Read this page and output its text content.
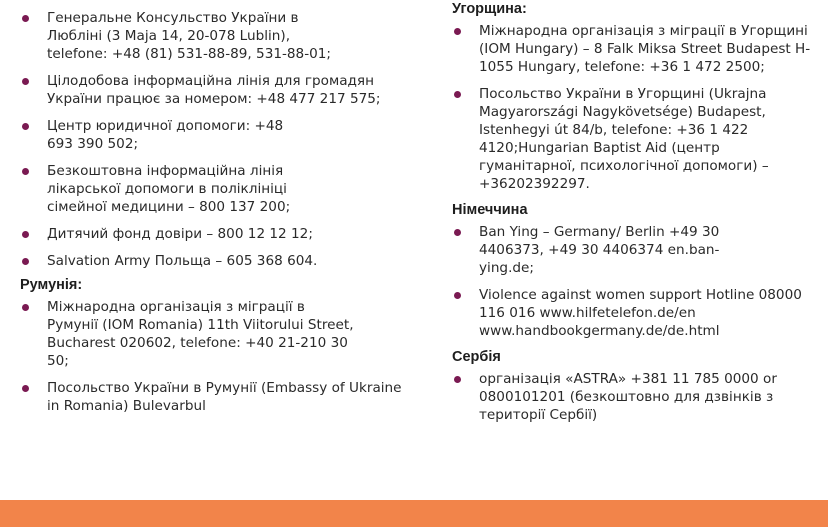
Генеральне Консульство України в Любліні (3 Maja 14, 20-078 Lublin), telefone: +48 (81) 531-88-89, 531-88-01;
Цілодобова інформаційна лінія для громадян України працює за номером: +48 477 217 575;
Центр юридичної допомоги: +48 693 390 502;
Безкоштовна інформаційна лінія лікарської допомоги в поліклініці сімейної медицини – 800 137 200;
Дитячий фонд довіри – 800 12 12 12;
Salvation Army Польща – 605 368 604.
Румунія:
Міжнародна організація з міграції в Румунії (IOM Romania) 11th Viitorului Street, Bucharest 020602, telefone: +40 21-210 30 50;
Посольство України в Румунії (Embassy of Ukraine in Romania) Bulevarbul
Угорщина:
Міжнародна організація з міграції в Угорщині (IOM Hungary) – 8 Falk Miksa Street Budapest H-1055 Hungary, telefone: +36 1 472 2500;
Посольство України в Угорщині (Ukrajna Magyarországi Nagykövetsége) Budapest, Istenhegyi út 84/b, telefone: +36 1 422 4120;Hungarian Baptist Aid (центр гуманітарної, психологічної допомоги) – +36202392297.
Німеччина
Ban Ying – Germany/ Berlin +49 30 4406373, +49 30 4406374 en.ban-ying.de;
Violence against women support Hotline 08000 116 016 www.hilfetelefon.de/en www.handbookgermany.de/de.html
Сербія
організація «ASTRA» +381 11 785 0000 or 0800101201 (безкоштовно для дзвінків з території Сербії)
